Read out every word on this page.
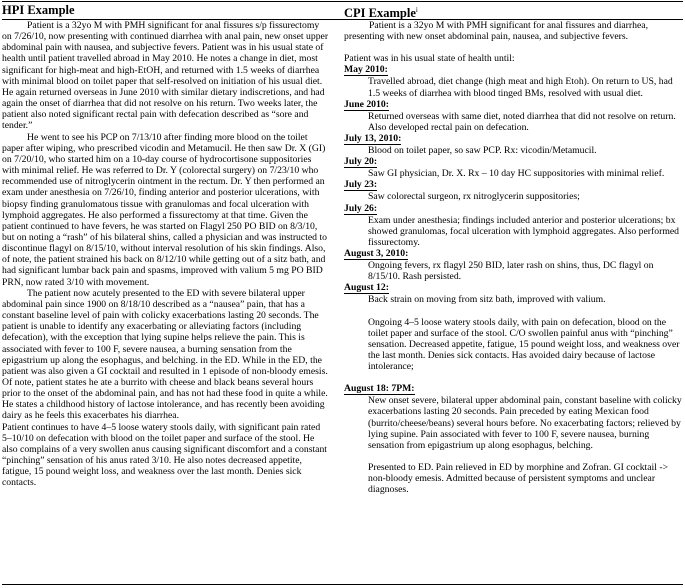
HPI Example

Patient is a 32yo M with PMH significant for anal fissures s/p fissurectomy on 7/26/10, now presenting with continued diarrhea with anal pain, new onset upper abdominal pain with nausea, and subjective fevers. Patient was in his usual state of health until patient travelled abroad in May 2010. He notes a change in diet, most significant for high-meat and high-EtOH, and returned with 1.5 weeks of diarrhea with minimal blood on toilet paper that self-resolved on initiation of his usual diet. He again returned overseas in June 2010 with similar dietary indiscretions, and had again the onset of diarrhea that did not resolve on his return. Two weeks later, the patient also noted significant rectal pain with defecation described as “sore and tender.”

He went to see his PCP on 7/13/10 after finding more blood on the toilet paper after wiping, who prescribed vicodin and Metamucil. He then saw Dr. X (GI) on 7/20/10, who started him on a 10-day course of hydrocortisone suppositories with minimal relief. He was referred to Dr. Y (colorectal surgery) on 7/23/10 who recommended use of nitroglycerin ointment in the rectum. Dr. Y then performed an exam under anesthesia on 7/26/10, finding anterior and posterior ulcerations, with biopsy finding granulomatous tissue with granulomas and focal ulceration with lymphoid aggregates. He also performed a fissurectomy at that time. Given the patient continued to have fevers, he was started on Flagyl 250 PO BID on 8/3/10, but on noting a “rash” of his bilateral shins, called a physician and was instructed to discontinue flagyl on 8/15/10, without interval resolution of his skin findings. Also, of note, the patient strained his back on 8/12/10 while getting out of a sitz bath, and had significant lumbar back pain and spasms, improved with valium 5 mg PO BID PRN, now rated 3/10 with movement.

The patient now acutely presented to the ED with severe bilateral upper abdominal pain since 1900 on 8/18/10 described as a “nausea” pain, that has a constant baseline level of pain with colicky exacerbations lasting 20 seconds. The patient is unable to identify any exacerbating or alleviating factors (including defecation), with the exception that lying supine helps relieve the pain. This is associated with fever to 100 F, severe nausea, a burning sensation from the epigastrium up along the esophagus, and belching. in the ED. While in the ED, the patient was also given a GI cocktail and resulted in 1 episode of non-bloody emesis. Of note, patient states he ate a burrito with cheese and black beans several hours prior to the onset of the abdominal pain, and has not had these food in quite a while. He states a childhood history of lactose intolerance, and has recently been avoiding dairy as he feels this exacerbates his diarrhea.

Patient continues to have 4–5 loose watery stools daily, with significant pain rated 5–10/10 on defecation with blood on the toilet paper and surface of the stool. He also complains of a very swollen anus causing significant discomfort and a constant “pinching” sensation of his anus rated 3/10. He also notes decreased appetite, fatigue, 15 pound weight loss, and weakness over the last month. Denies sick contacts.

CPI Example$^i$

Patient is a 32yo M with PMH significant for anal fissures and diarrhea, presenting with new onset abdominal pain, nausea, and subjective fevers.

Patient was in his usual state of health until:

May 2010:

Travelled abroad, diet change (high meat and high Etoh). On return to US, had 1.5 weeks of diarrhea with blood tinged BMs, resolved with usual diet.

June 2010:

Returned overseas with same diet, noted diarrhea that did not resolve on return. Also developed rectal pain on defecation.

July 13, 2010:

Blood on toilet paper, so saw PCP. Rx: vicodin/Metamucil.

July 20:

Saw GI physician, Dr. X. Rx – 10 day HC suppositories with minimal relief.

July 23:

Saw colorectal surgeon, rx nitroglycerin suppositories;

July 26:

Exam under anesthesia; findings included anterior and posterior ulcerations; bx showed granulomas, focal ulceration with lymphoid aggregates. Also performed fissurectomy.

August 3, 2010:

Ongoing fevers, rx flagyl 250 BID, later rash on shins, thus, DC flagyl on 8/15/10. Rash persisted.

August 12:

Back strain on moving from sitz bath, improved with valium.

Ongoing 4–5 loose watery stools daily, with pain on defecation, blood on the toilet paper and surface of the stool. C/O swollen painful anus with “pinching” sensation. Decreased appetite, fatigue, 15 pound weight loss, and weakness over the last month. Denies sick contacts. Has avoided dairy because of lactose intolerance;

August 18: 7PM:

New onset severe, bilateral upper abdominal pain, constant baseline with colicky exacerbations lasting 20 seconds. Pain preceded by eating Mexican food (burrito/cheese/beans) several hours before. No exacerbating factors; relieved by lying supine. Pain associated with fever to 100 F, severe nausea, burning sensation from epigastrium up along esophagus, belching.

Presented to ED. Pain relieved in ED by morphine and Zofran. GI cocktail -> non-bloody emesis. Admitted because of persistent symptoms and unclear diagnoses.
